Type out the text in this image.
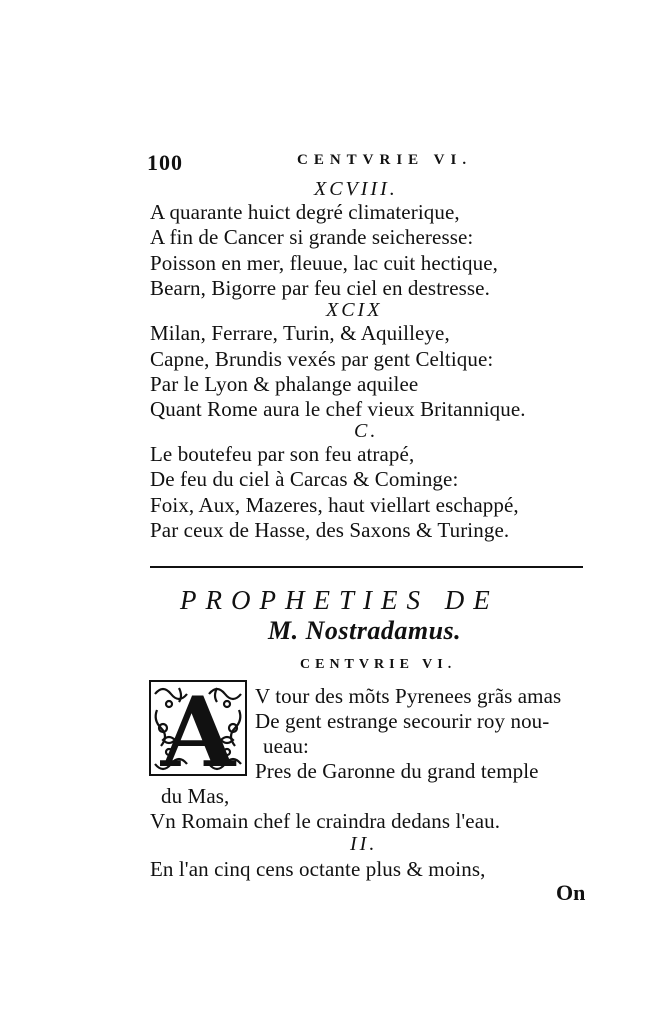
100	CENTVRIE VI.
XCVIII.
A quarante huict degré climaterique,
A fin de Cancer si grande seicheresse:
Poisson en mer, fleuue, lac cuit hectique,
Bearn, Bigorre par feu ciel en destresse.
XCIX
Milan, Ferrare, Turin, & Aquilleye,
Capne, Brundis vexés par gent Celtique:
Par le Lyon & phalange aquilee
Quant Rome aura le chef vieux Britannique.
C.
Le boutefeu par son feu atrapé,
De feu du ciel à Carcas & Cominge:
Foix, Aux, Mazeres, haut viellart eschappé,
Par ceux de Hasse, des Saxons & Turinge.
PROPHETIES DE
M. Nostradamus.
CENTVRIE VI.
A V tour des mõts Pyrenees grãs amas
De gent estrange secourir roy nou-
ueau:
Pres de Garonne du grand temple
du Mas,
Vn Romain chef le craindra dedans l'eau.
II.
En l'an cinq cens octante plus & moins,
On
